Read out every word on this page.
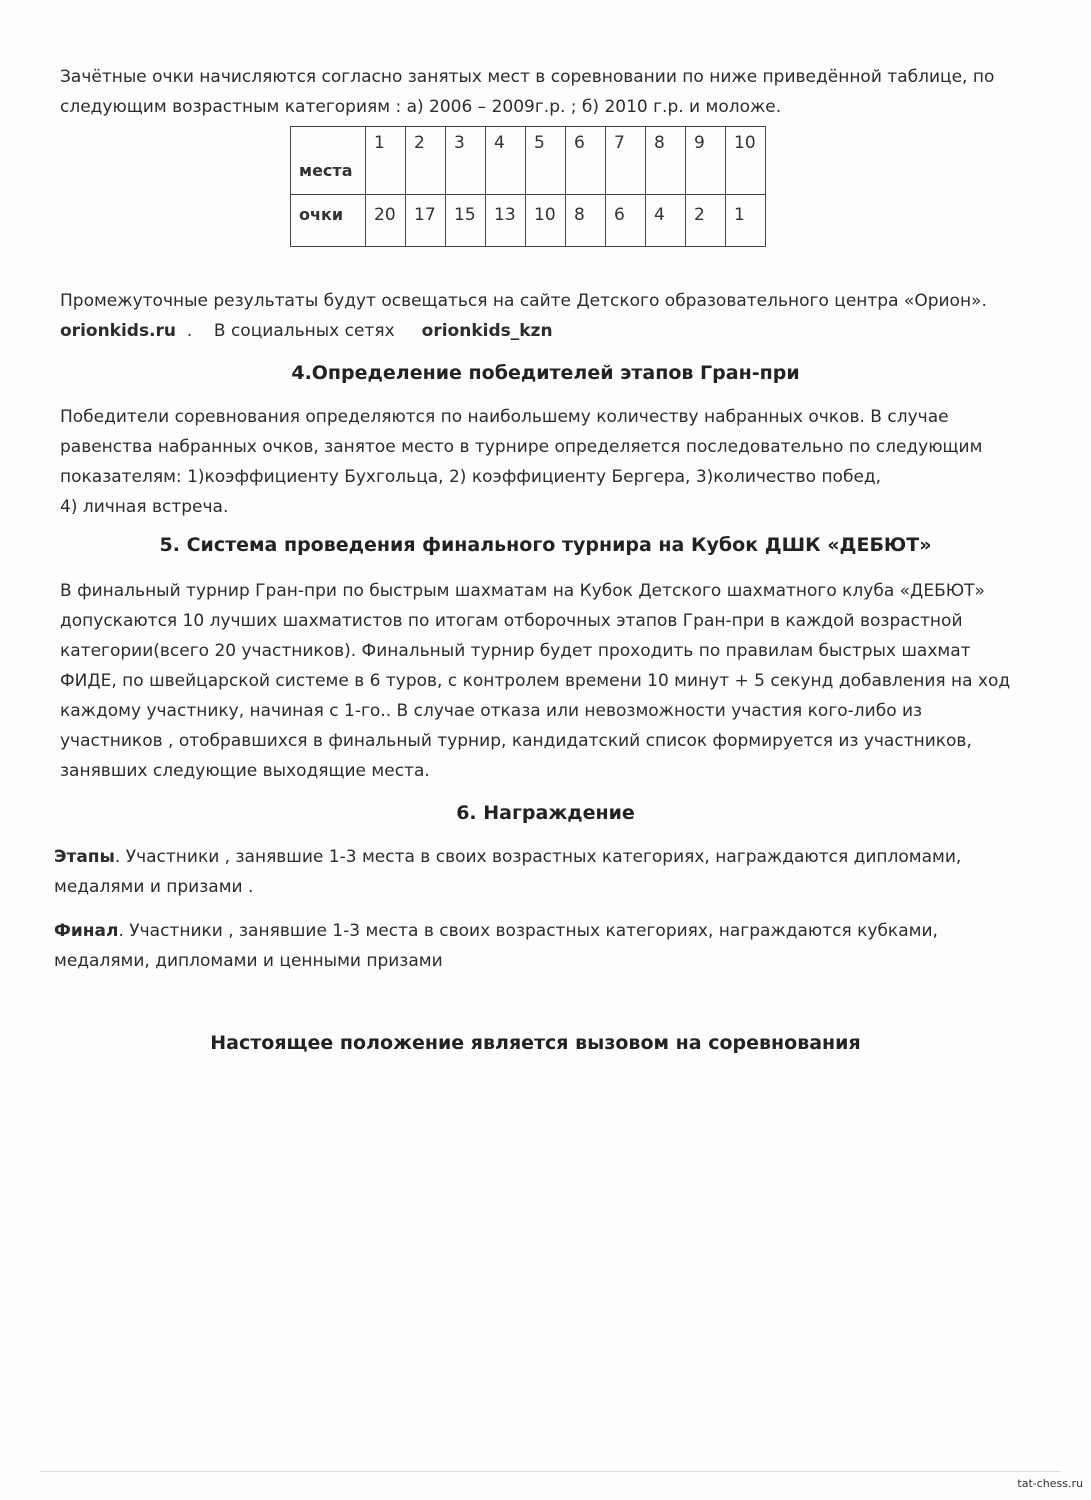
Зачётные очки начисляются согласно занятых мест в соревновании по ниже приведённой таблице, по
следующим возрастным категориям : а) 2006 – 2009г.р. ; б) 2010 г.р. и моложе.
места	1	2	3	4	5	6	7	8	9	10
очки	20	17	15	13	10	8	6	4	2	1
Промежуточные результаты будут освещаться на сайте Детского образовательного центра «Орион».
orionkids.ru  .    В социальных сетях orionkids_kzn
4.Определение победителей этапов Гран-при
Победители соревнования определяются по наибольшему количеству набранных очков. В случае
равенства набранных очков, занятое место в турнире определяется последовательно по следующим
показателям: 1)коэффициенту Бухгольца, 2) коэффициенту Бергера, 3)количество побед,
4) личная встреча.
5. Система проведения финального турнира на Кубок ДШК «ДЕБЮТ»
В финальный турнир Гран-при по быстрым шахматам на Кубок Детского шахматного клуба «ДЕБЮТ»
допускаются 10 лучших шахматистов по итогам отборочных этапов Гран-при в каждой возрастной
категории(всего 20 участников). Финальный турнир будет проходить по правилам быстрых шахмат
ФИДЕ, по швейцарской системе в 6 туров, с контролем времени 10 минут + 5 секунд добавления на ход
каждому участнику, начиная с 1-го.. В случае отказа или невозможности участия кого-либо из
участников , отобравшихся в финальный турнир, кандидатский список формируется из участников,
занявших следующие выходящие места.
6. Награждение
Этапы. Участники , занявшие 1-3 места в своих возрастных категориях, награждаются дипломами,
медалями и призами .
Финал. Участники , занявшие 1-3 места в своих возрастных категориях, награждаются кубками,
медалями, дипломами и ценными призами
Настоящее положение является вызовом на соревнования
tat-chess.ru
